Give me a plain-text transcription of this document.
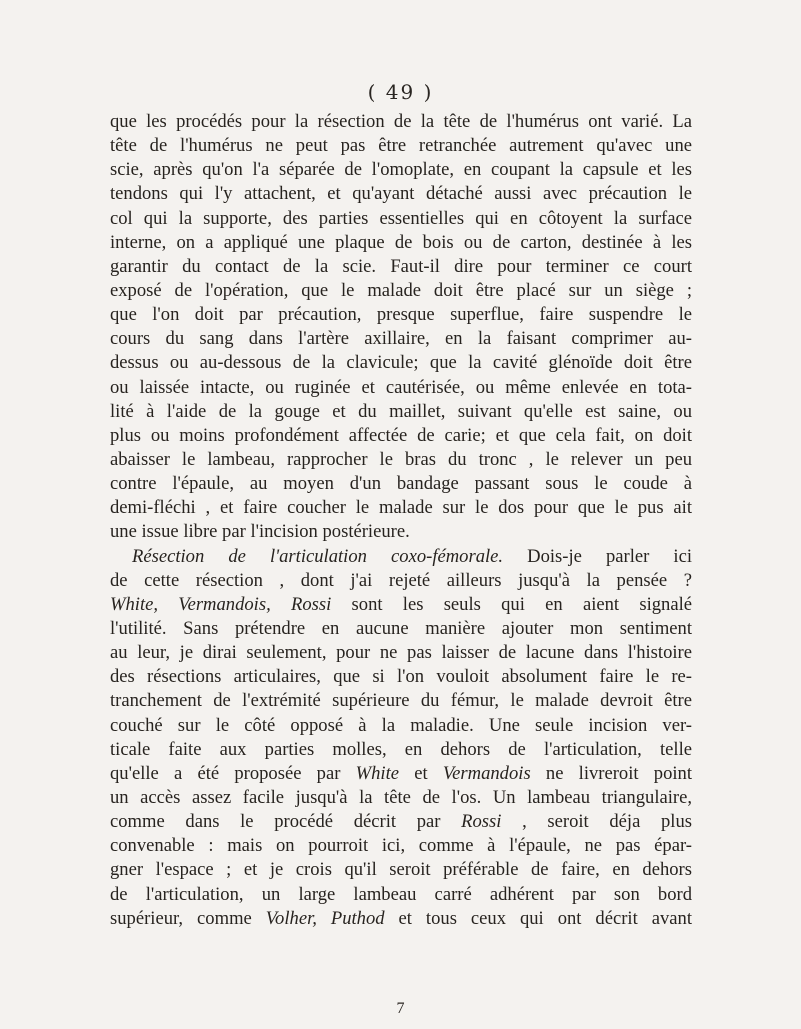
( 49 )
que les procédés pour la résection de la tête de l'humérus ont varié. La
tête de l'humérus ne peut pas être retranchée autrement qu'avec une
scie, après qu'on l'a séparée de l'omoplate, en coupant la capsule et les
tendons qui l'y attachent, et qu'ayant détaché aussi avec précaution le
col qui la supporte, des parties essentielles qui en côtoyent la surface
interne, on a appliqué une plaque de bois ou de carton, destinée à les
garantir du contact de la scie. Faut-il dire pour terminer ce court
exposé de l'opération, que le malade doit être placé sur un siège ;
que l'on doit par précaution, presque superflue, faire suspendre le
cours du sang dans l'artère axillaire, en la faisant comprimer au-
dessus ou au-dessous de la clavicule; que la cavité glénoïde doit être
ou laissée intacte, ou ruginée et cautérisée, ou même enlevée en tota-
lité à l'aide de la gouge et du maillet, suivant qu'elle est saine, ou
plus ou moins profondément affectée de carie; et que cela fait, on doit
abaisser le lambeau, rapprocher le bras du tronc , le relever un peu
contre l'épaule, au moyen d'un bandage passant sous le coude à
demi-fléchi , et faire coucher le malade sur le dos pour que le pus ait
une issue libre par l'incision postérieure.
Résection de l'articulation coxo-fémorale. Dois-je parler ici
de cette résection , dont j'ai rejeté ailleurs jusqu'à la pensée ?
White, Vermandois, Rossi sont les seuls qui en aient signalé
l'utilité. Sans prétendre en aucune manière ajouter mon sentiment
au leur, je dirai seulement, pour ne pas laisser de lacune dans l'histoire
des résections articulaires, que si l'on vouloit absolument faire le re-
tranchement de l'extrémité supérieure du fémur, le malade devroit être
couché sur le côté opposé à la maladie. Une seule incision ver-
ticale faite aux parties molles, en dehors de l'articulation, telle
qu'elle a été proposée par White et Vermandois ne livreroit point
un accès assez facile jusqu'à la tête de l'os. Un lambeau triangulaire,
comme dans le procédé décrit par Rossi , seroit déja plus
convenable : mais on pourroit ici, comme à l'épaule, ne pas épar-
gner l'espace ; et je crois qu'il seroit préférable de faire, en dehors
de l'articulation, un large lambeau carré adhérent par son bord
supérieur, comme Volher, Puthod et tous ceux qui ont décrit avant
7
